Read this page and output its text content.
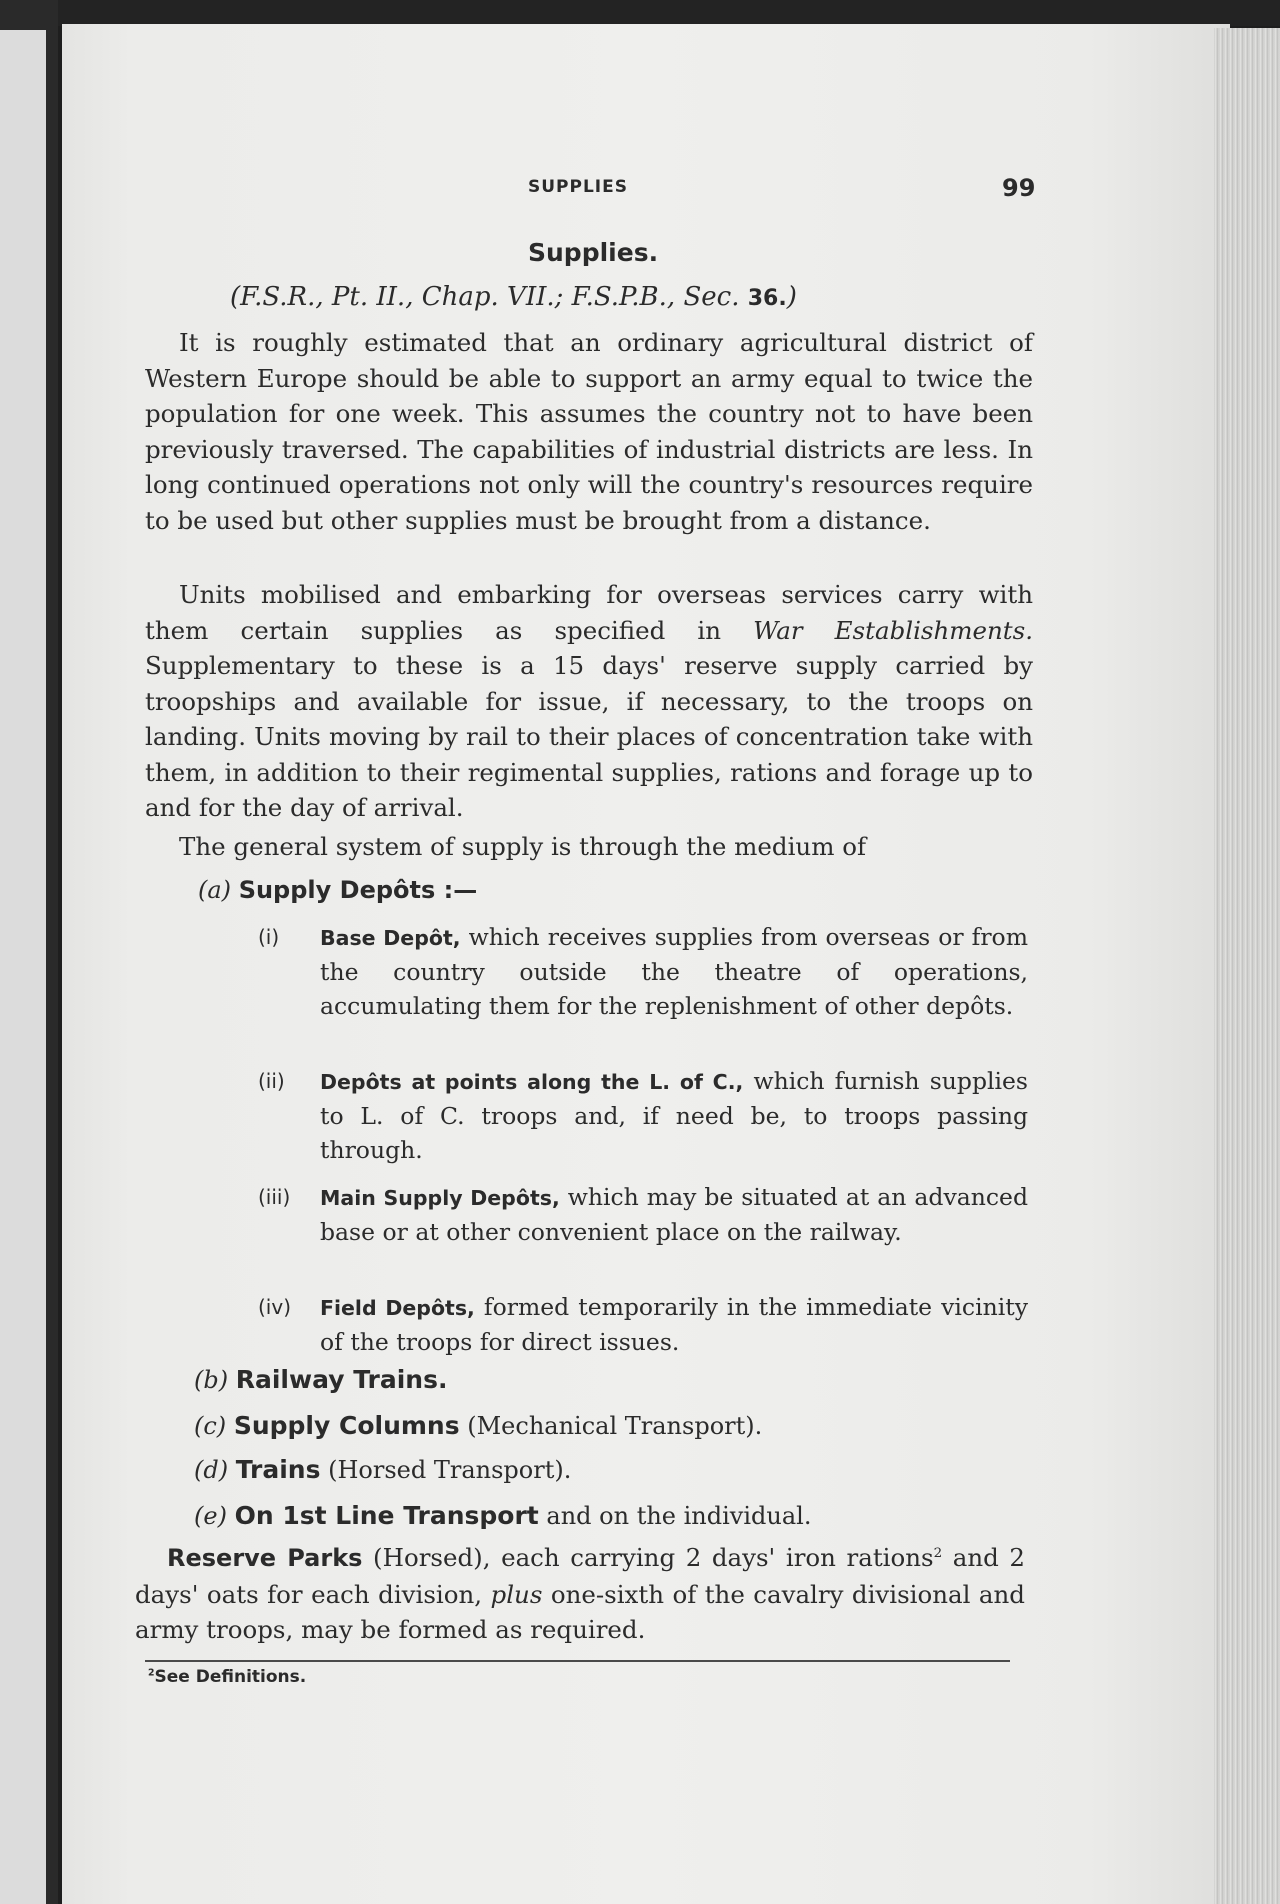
SUPPLIES	99
Supplies.
(F.S.R., Pt. II., Chap. VII.; F.S.P.B., Sec. 36.)
It is roughly estimated that an ordinary agricultural district of Western Europe should be able to support an army equal to twice the population for one week. This assumes the country not to have been previously traversed. The capabilities of industrial districts are less. In long continued operations not only will the country's resources require to be used but other supplies must be brought from a distance.
Units mobilised and embarking for overseas services carry with them certain supplies as specified in War Establishments. Supplementary to these is a 15 days' reserve supply carried by troopships and available for issue, if necessary, to the troops on landing. Units moving by rail to their places of concentration take with them, in addition to their regimental supplies, rations and forage up to and for the day of arrival.
The general system of supply is through the medium of
(a) Supply Depôts :—
(i)	Base Depôt, which receives supplies from overseas or from the country outside the theatre of operations, accumulating them for the replenishment of other depôts.
(ii)	Depôts at points along the L. of C., which furnish supplies to L. of C. troops and, if need be, to troops passing through.
(iii)	Main Supply Depôts, which may be situated at an advanced base or at other convenient place on the railway.
(iv)	Field Depôts, formed temporarily in the immediate vicinity of the troops for direct issues.
(b) Railway Trains.
(c) Supply Columns (Mechanical Transport).
(d) Trains (Horsed Transport).
(e) On 1st Line Transport and on the individual.
Reserve Parks (Horsed), each carrying 2 days' iron rations$^2$ and 2 days' oats for each division, plus one-sixth of the cavalry divisional and army troops, may be formed as required.
$^2$See Definitions.
